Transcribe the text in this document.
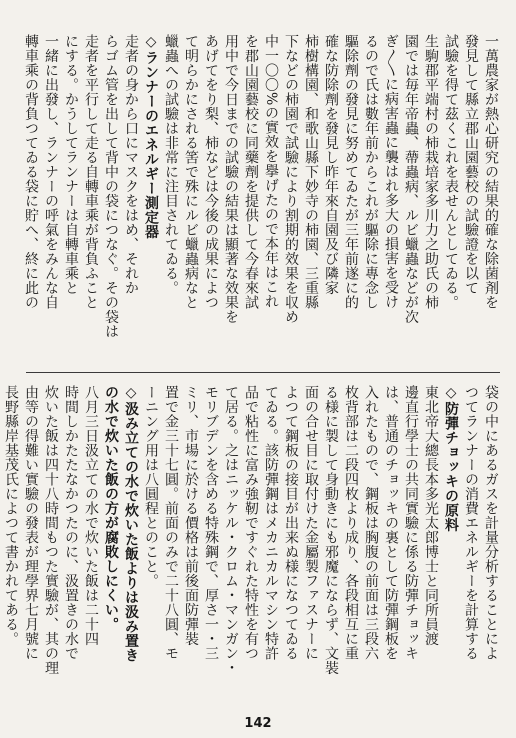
一萬農家が熱心研究の結果的確な除菌剤を
發見して縣立郡山園藝校の試驗證を以て
試驗を得て茲くこれを表せんとしてゐる。
生駒郡平端村の柿栽培家多川力之助氏の柿
園では毎年帝蟲、蔕蟲病、ルビ蠟蟲などが次
ぎ〳〵に病害蟲に襲はれ多大の損害を受け
るので氏は數年前からこれが驅除に專念し
驅除劑の發見に努めてゐたが三年前遂に的
確な防除劑を發見し昨年來自園及び隣家
柿樹構園、和歌山縣下妙寺の柿園、三重縣
下などの柿園で試驗により割期的效果を収め
中一〇〇%の實效を擧げたので本年はこれ
を郡山園藝校に同藥劑を提供して今春來試
用中で今日までの試驗の結果は顯著な效果を
あげてをり梨、柿などは今後の成果によつ
て明らかにされる筈で殊にルビ蠟蟲病なと
蠟蟲への試驗は非常に注目されてゐる。
◇ランナーのエネルギー測定器
走者の身から口にマスクをはめ、それか
らゴム管を出して背中の袋につなぐ。その袋は
走者を平行して走る自轉車乘が背負ふこと
にする。かうしてランナーは自轉車乘と
一緒に出發し、ランナーの呼氣をみんな自
轉車乘の背負つてゐる袋に貯へ、終に此の
袋の中にあるガスを計量分析することによ
つてランナーの消費エネルギーを計算する
◇防彈チョッキの原料
東北帝大總長本多光太郎博士と同所員渡
邊直行學士の共同實驗に係る防彈チョッキ
は、普通のチョッキの裏として防彈鋼板を
入れたもので、鋼板は胸腹の前面は三段六
枚背部は二段四枚より成り、各段相互に重
る様に製して身動きにも邪魔にならず、文裝
面の合せ目に取付けた金屬製ファスナーに
よつて鋼板の接目が出来ぬ様になつてゐる
てゐる。該防彈鋼はメカニカルマシン特許
品で粘性に富み強靭ですぐれた特性を有つ
て居る。之はニッケル・クロム・マンガン・
モリブデンを含める特殊鋼で、厚さ一・三
ミリ、市場に於ける價格は前後面防彈裝
置で金三十七圓。前面のみで二十八圓、モ
ーニング用は八圓程とのこと。
◇汲み立ての水で炊いた飯よりは汲み置き
の水で炊いた飯の方が腐敗しにくい。
八月三日汲立ての水で炊いた飯は二十四
時間しかたたなかつたのに、汲置きの水で
炊いた飯は四十八時間もつた實驗が、其の理
由等の得難い實驗の發表が理學界七月號に
長野縣岸基茂氏によつて書かれてある。
142
